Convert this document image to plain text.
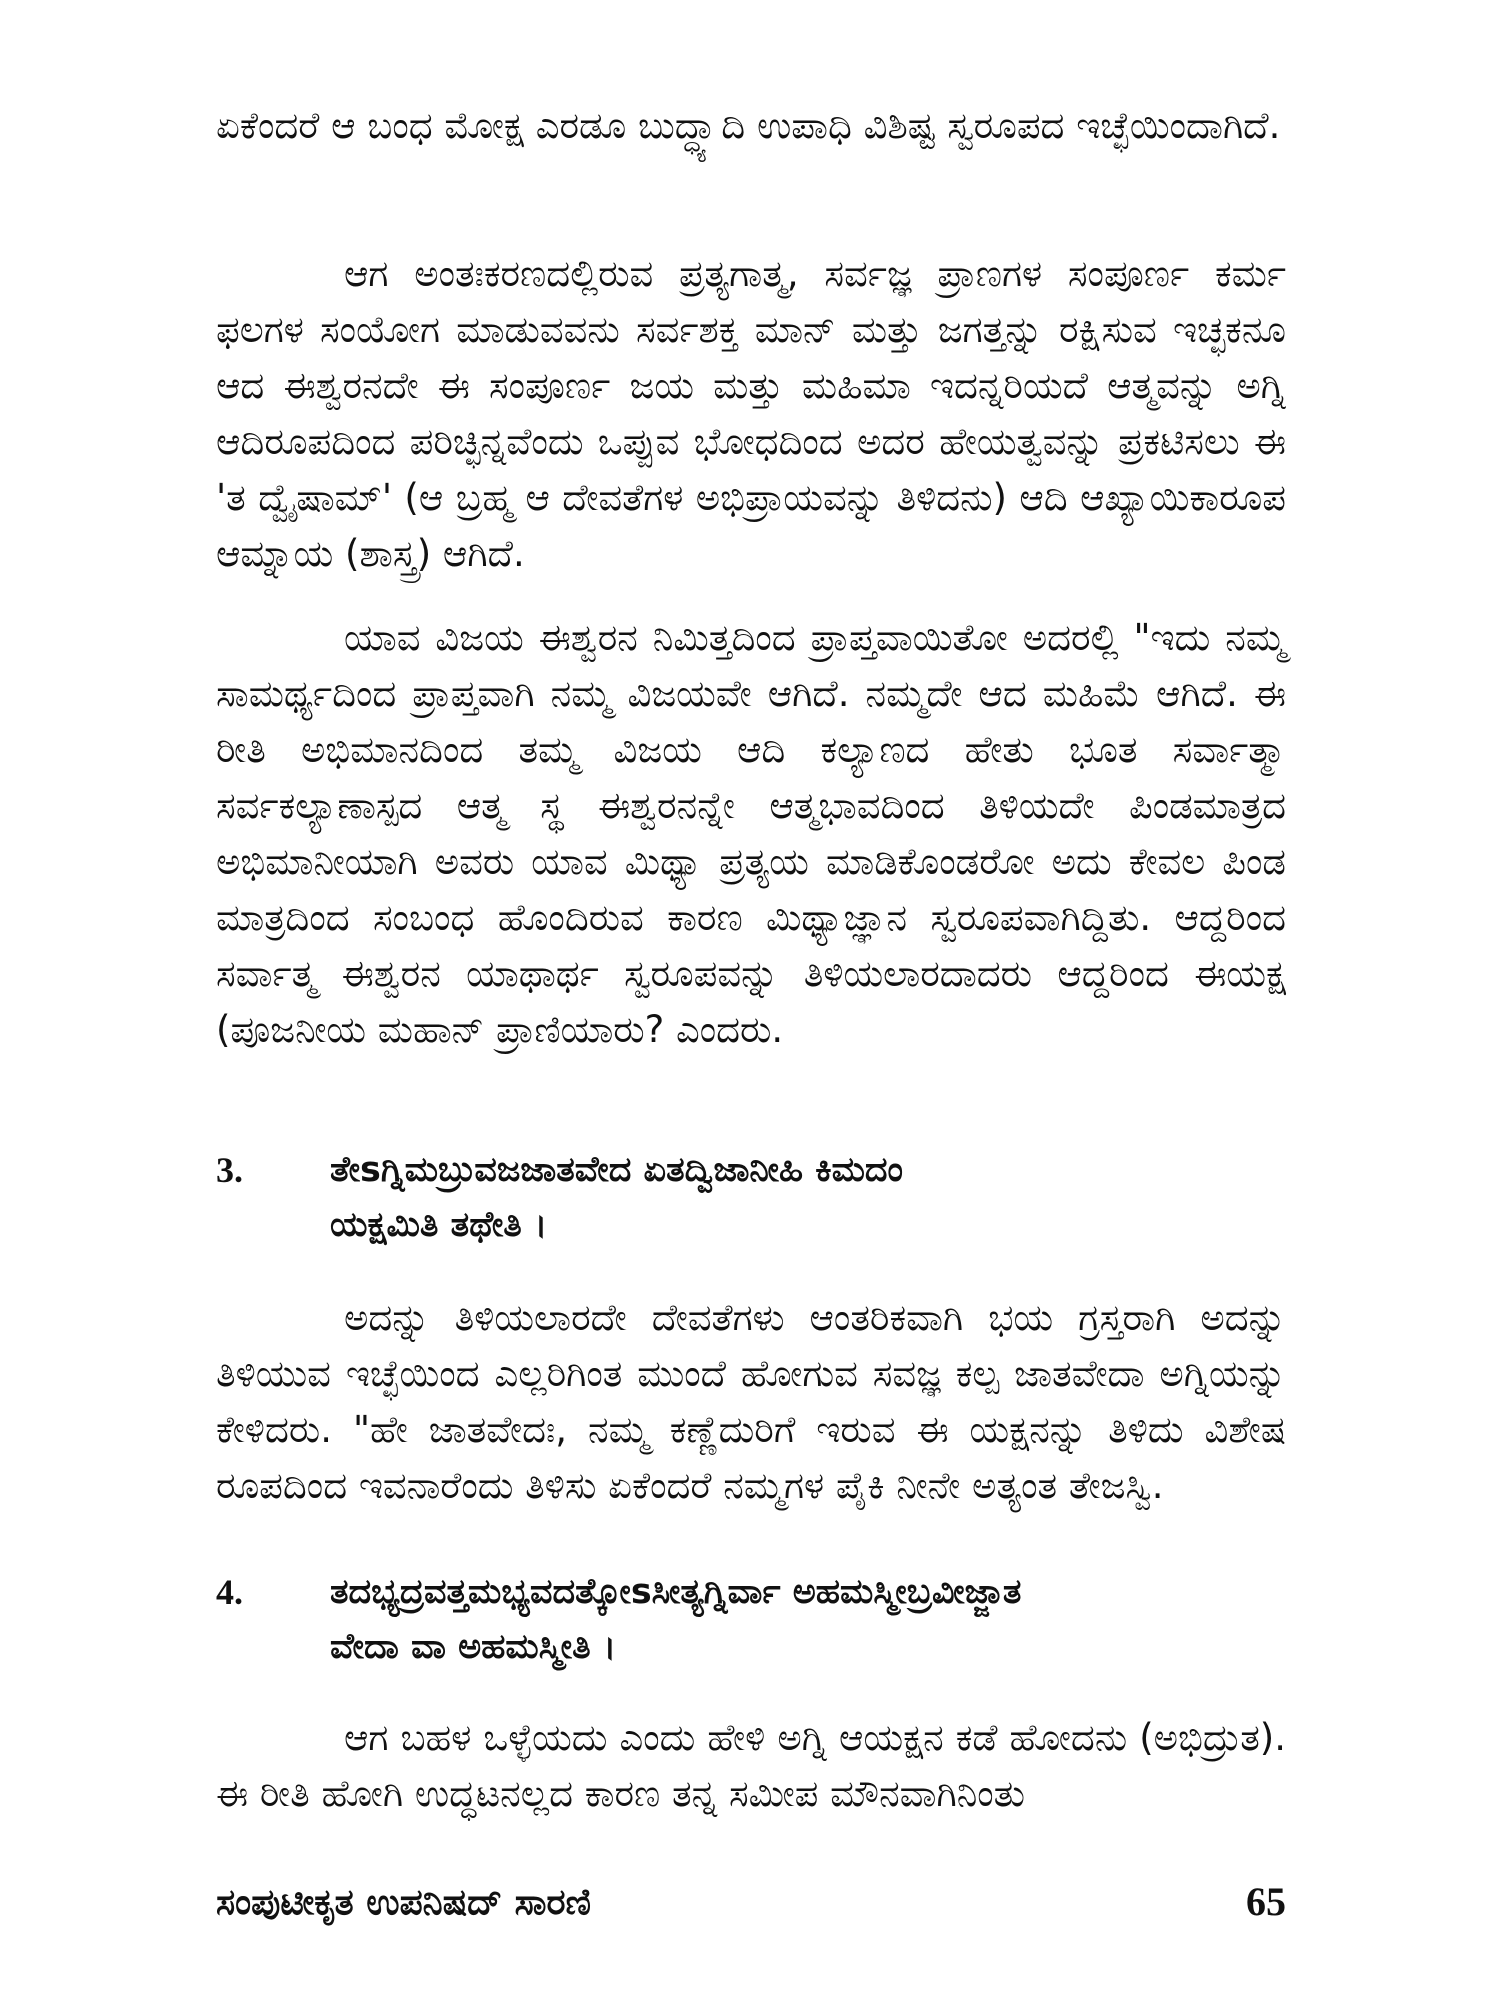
ಏಕೆಂದರೆ ಆ ಬಂಧ ಮೋಕ್ಷ ಎರಡೂ ಬುದ್ಧ್ಯಾದಿ ಉಪಾಧಿ ವಿಶಿಷ್ಟ ಸ್ವರೂಪದ ಇಚ್ಛೆಯಿಂದಾಗಿದೆ.

ಆಗ ಅಂತಃಕರಣದಲ್ಲಿರುವ ಪ್ರತ್ಯಗಾತ್ಮ, ಸರ್ವಜ್ಞ ಪ್ರಾಣಗಳ ಸಂಪೂರ್ಣ ಕರ್ಮ ಫಲಗಳ ಸಂಯೋಗ ಮಾಡುವವನು ಸರ್ವಶಕ್ತ ಮಾನ್ ಮತ್ತು ಜಗತ್ತನ್ನು ರಕ್ಷಿಸುವ ಇಚ್ಛಕನೂ ಆದ ಈಶ್ವರನದೇ ಈ ಸಂಪೂರ್ಣ ಜಯ ಮತ್ತು ಮಹಿಮಾ ಇದನ್ನರಿಯದೆ ಆತ್ಮವನ್ನು ಅಗ್ನಿ ಆದಿರೂಪದಿಂದ ಪರಿಚ್ಛಿನ್ನವೆಂದು ಒಪ್ಪುವ ಭೋಧದಿಂದ ಅದರ ಹೇಯತ್ವವನ್ನು ಪ್ರಕಟಿಸಲು ಈ 'ತ ದ್ವೈಷಾಮ್' (ಆ ಬ್ರಹ್ಮ ಆ ದೇವತೆಗಳ ಅಭಿಪ್ರಾಯವನ್ನು ತಿಳಿದನು) ಆದಿ ಆಖ್ಯಾಯಿಕಾರೂಪ ಆಮ್ನಾಯ (ಶಾಸ್ತ್ರ) ಆಗಿದೆ.

ಯಾವ ವಿಜಯ ಈಶ್ವರನ ನಿಮಿತ್ತದಿಂದ ಪ್ರಾಪ್ತವಾಯಿತೋ ಅದರಲ್ಲಿ "ಇದು ನಮ್ಮ ಸಾಮರ್ಥ್ಯದಿಂದ ಪ್ರಾಪ್ತವಾಗಿ ನಮ್ಮ ವಿಜಯವೇ ಆಗಿದೆ. ನಮ್ಮದೇ ಆದ ಮಹಿಮೆ ಆಗಿದೆ. ಈ ರೀತಿ ಅಭಿಮಾನದಿಂದ ತಮ್ಮ ವಿಜಯ ಆದಿ ಕಲ್ಯಾಣದ ಹೇತು ಭೂತ ಸರ್ವಾತ್ಮಾ ಸರ್ವಕಲ್ಯಾಣಾಸ್ಪದ ಆತ್ಮ ಸ್ಥ ಈಶ್ವರನನ್ನೇ ಆತ್ಮಭಾವದಿಂದ ತಿಳಿಯದೇ ಪಿಂಡಮಾತ್ರದ ಅಭಿಮಾನೀಯಾಗಿ ಅವರು ಯಾವ ಮಿಥ್ಯಾ ಪ್ರತ್ಯಯ ಮಾಡಿಕೊಂಡರೋ ಅದು ಕೇವಲ ಪಿಂಡ ಮಾತ್ರದಿಂದ ಸಂಬಂಧ ಹೊಂದಿರುವ ಕಾರಣ ಮಿಥ್ಯಾಜ್ಞಾನ ಸ್ವರೂಪವಾಗಿದ್ದಿತು. ಆದ್ದರಿಂದ ಸರ್ವಾತ್ಮ ಈಶ್ವರನ ಯಾಥಾರ್ಥ ಸ್ವರೂಪವನ್ನು ತಿಳಿಯಲಾರದಾದರು ಆದ್ದರಿಂದ ಈಯಕ್ಷ (ಪೂಜನೀಯ ಮಹಾನ್ ಪ್ರಾಣಿಯಾರು? ಎಂದರು.

3. ತೇsಗ್ನಿಮಬ್ರುವಜಜಾತವೇದ ಏತದ್ವಿಜಾನೀಹಿ ಕಿಮದಂ
ಯಕ್ಷಮಿತಿ ತಥೇತಿ ।

ಅದನ್ನು ತಿಳಿಯಲಾರದೇ ದೇವತೆಗಳು ಆಂತರಿಕವಾಗಿ ಭಯ ಗ್ರಸ್ತರಾಗಿ ಅದನ್ನು ತಿಳಿಯುವ ಇಚ್ಛೆಯಿಂದ ಎಲ್ಲರಿಗಿಂತ ಮುಂದೆ ಹೋಗುವ ಸವಜ್ಞ ಕಲ್ಪ ಜಾತವೇದಾ ಅಗ್ನಿಯನ್ನು ಕೇಳಿದರು. "ಹೇ ಜಾತವೇದಃ, ನಮ್ಮ ಕಣ್ಣೆದುರಿಗೆ ಇರುವ ಈ ಯಕ್ಷನನ್ನು ತಿಳಿದು ವಿಶೇಷ ರೂಪದಿಂದ ಇವನಾರೆಂದು ತಿಳಿಸು ಏಕೆಂದರೆ ನಮ್ಮಗಳ ಪೈಕಿ ನೀನೇ ಅತ್ಯಂತ ತೇಜಸ್ವಿ.

4. ತದಭ್ಯದ್ರವತ್ತಮಭ್ಯವದತ್ಕೋsಸೀತ್ಯಗ್ನಿರ್ವಾ ಅಹಮಸ್ಮೀಬ್ರವೀಜ್ಜಾತ
ವೇದಾ ವಾ ಅಹಮಸ್ಮೀತಿ ।

ಆಗ ಬಹಳ ಒಳ್ಳೆಯದು ಎಂದು ಹೇಳಿ ಅಗ್ನಿ ಆಯಕ್ಷನ ಕಡೆ ಹೋದನು (ಅಭಿದ್ರುತ). ಈ ರೀತಿ ಹೋಗಿ ಉದ್ಧಟನಲ್ಲದ ಕಾರಣ ತನ್ನ ಸಮೀಪ ಮೌನವಾಗಿನಿಂತು

ಸಂಪುಟೀಕೃತ ಉಪನಿಷದ್ ಸಾರಣಿ	65
